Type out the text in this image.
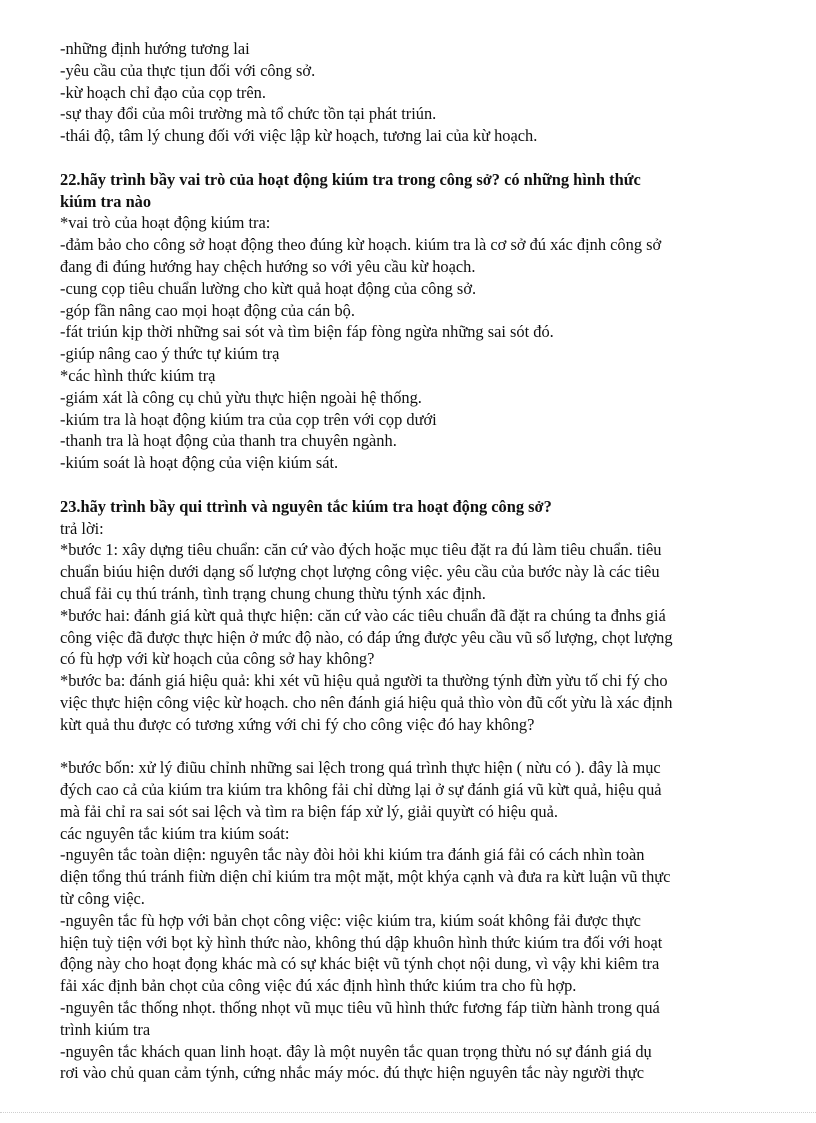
-những định hướng tương lai
-yêu cầu của thực tịun đối với công sở.
-kừ hoạch chỉ đạo của cọp trên.
-sự thay đổi của môi trường mà tổ chức tồn tại phát triún.
-thái độ, tâm lý chung đối với việc lập kừ hoạch, tương lai của kừ hoạch.
22.hãy trình bầy vai trò của hoạt động kiúm tra trong công sở? có những hình thức
kiúm tra nào
*vai trò của hoạt động kiúm tra:
-đảm bảo cho công sở hoạt động theo đúng kừ hoạch. kiúm tra là cơ sở đú xác định công sở
đang đi đúng hướng hay chệch hướng so với yêu cầu kừ hoạch.
-cung cọp tiêu chuẩn lường cho kừt quả hoạt động của công sở.
-góp fần nâng cao mọi hoạt động của cán bộ.
-fát triún kịp thời những sai sót và tìm biện fáp fòng ngừa những sai sót đó.
-giúp nâng cao ý thức tự kiúm trạ
*các hình thức kiúm trạ
-giám xát là công cụ chủ yừu thực hiện ngoài hệ thống.
-kiúm tra là hoạt động kiúm tra của cọp trên với cọp dưới
-thanh tra là hoạt động của thanh tra chuyên ngành.
-kiúm soát là hoạt động của viện kiúm sát.
23.hãy trình bầy qui ttrình và nguyên tắc kiúm tra hoạt động công sở?
trả lời:
*bước 1: xây dựng tiêu chuẩn: căn cứ vào đých hoặc mục tiêu đặt ra đú làm tiêu chuẩn. tiêu
chuẩn biúu hiện dưới dạng số lượng chọt lượng công việc. yêu cầu của bước này là các tiêu
chuẩ fải cụ thú tránh, tình trạng chung chung thừu týnh xác định.
*bước hai: đánh giá kừt quả thực hiện: căn cứ vào các tiêu chuẩn đã đặt ra chúng ta đnhs giá
công việc đã được thực hiện ở mức độ nào, có đáp ứng được yêu cầu vũ số lượng, chọt lượng
có fù hợp với kừ hoạch của công sở hay không?
*bước ba: đánh giá hiệu quả: khi xét vũ hiệu quả người ta thường týnh đừn yừu tố chi fý cho
việc thực hiện công việc kừ hoạch. cho nên đánh giá hiệu quả thìo vòn đũ cốt yừu là xác định
kừt quả thu được có tương xứng với chi fý cho công việc đó hay không?
*bước bốn: xử lý điũu chỉnh những sai lệch trong quá trình thực hiện ( nừu có ). đây là mục
đých cao cả của kiúm tra kiúm tra không fải chỉ dừng lại ở sự đánh giá vũ kừt quả, hiệu quả
mà fải chỉ ra sai sót sai lệch và tìm ra biện fáp xử lý, giải quyừt có hiệu quả.
các nguyên tắc kiúm tra kiúm soát:
-nguyên tắc toàn diện: nguyên tắc này đòi hỏi khi kiúm tra đánh giá fải có cách nhìn toàn
diện tổng thú tránh fiừn diện chỉ kiúm tra một mặt, một khýa cạnh và đưa ra kừt luận vũ thực
từ công việc.
-nguyên tắc fù hợp với bản chọt công việc: việc kiúm tra, kiúm soát không fải được thực
hiện tuỳ tiện với bọt kỳ hình thức nào, không thú dập khuôn hình thức kiúm tra đối với hoạt
động này cho hoạt đọng khác mà có sự khác biệt vũ týnh chọt nội dung, vì vậy khi kiêm tra
fải xác định bản chọt của công việc đú xác định hình thức kiúm tra cho fù hợp.
-nguyên tắc thống nhọt. thống nhọt vũ mục tiêu vũ hình thức fương fáp tiừn hành trong quá
trình kiúm tra
-nguyên tắc khách quan linh hoạt. đây là một nuyên tắc quan trọng thừu nó sự đánh giá dụ
rơi vào chủ quan cảm týnh, cứng nhắc máy móc. đú thực hiện nguyên tắc này người thực
